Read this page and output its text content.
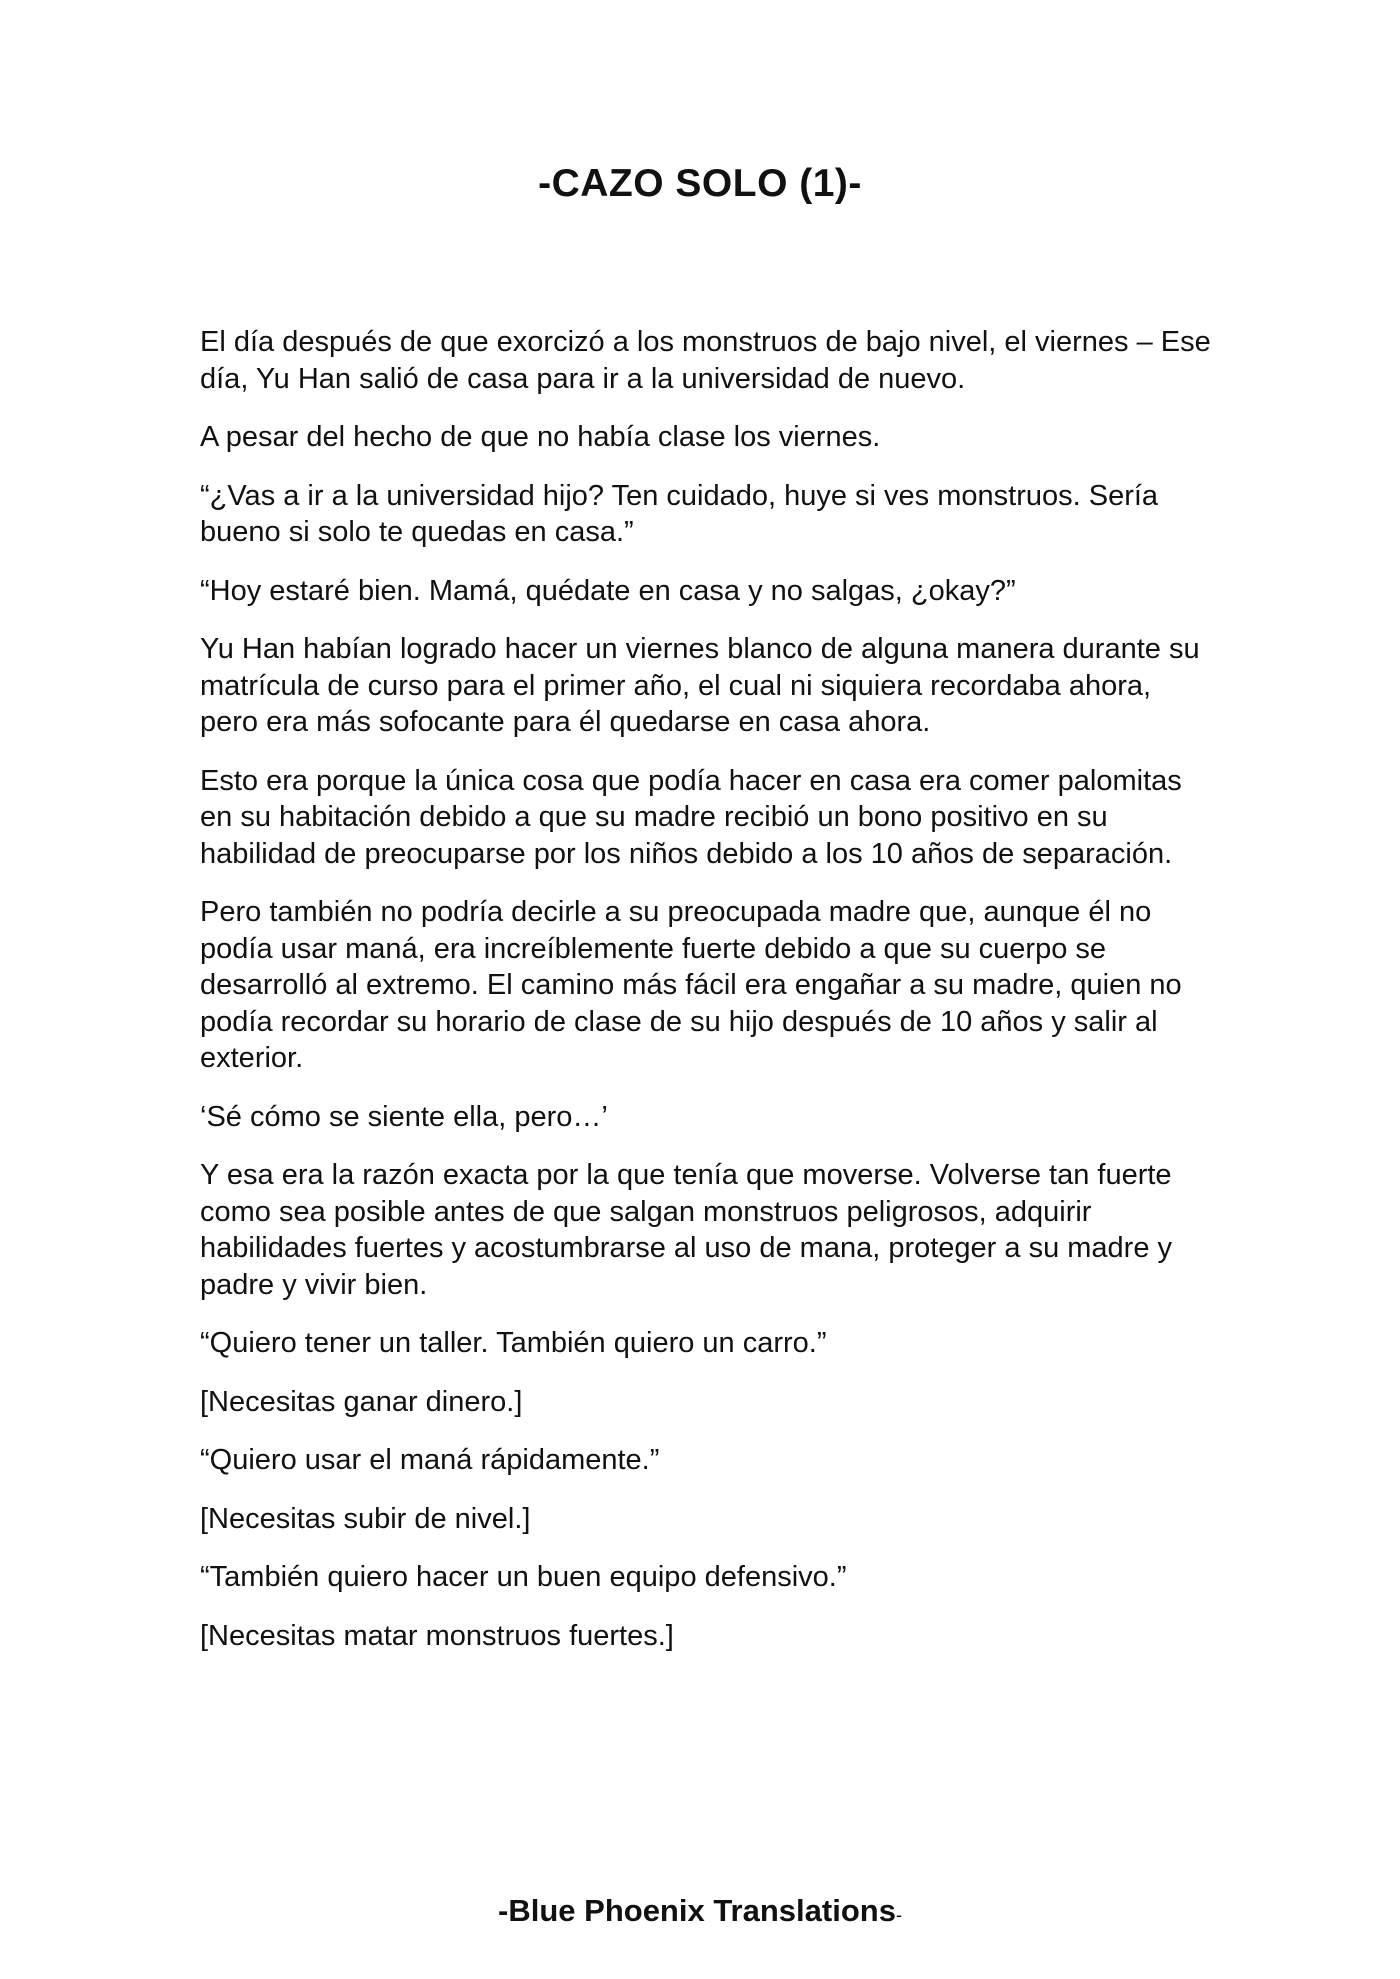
-CAZO SOLO (1)-

El día después de que exorcizó a los monstruos de bajo nivel, el viernes – Ese día, Yu Han salió de casa para ir a la universidad de nuevo.

A pesar del hecho de que no había clase los viernes.

“¿Vas a ir a la universidad hijo? Ten cuidado, huye si ves monstruos. Sería bueno si solo te quedas en casa.”

“Hoy estaré bien. Mamá, quédate en casa y no salgas, ¿okay?”

Yu Han habían logrado hacer un viernes blanco de alguna manera durante su matrícula de curso para el primer año, el cual ni siquiera recordaba ahora, pero era más sofocante para él quedarse en casa ahora.

Esto era porque la única cosa que podía hacer en casa era comer palomitas en su habitación debido a que su madre recibió un bono positivo en su habilidad de preocuparse por los niños debido a los 10 años de separación.

Pero también no podría decirle a su preocupada madre que, aunque él no podía usar maná, era increíblemente fuerte debido a que su cuerpo se desarrolló al extremo. El camino más fácil era engañar a su madre, quien no podía recordar su horario de clase de su hijo después de 10 años y salir al exterior.

‘Sé cómo se siente ella, pero…’

Y esa era la razón exacta por la que tenía que moverse. Volverse tan fuerte como sea posible antes de que salgan monstruos peligrosos, adquirir habilidades fuertes y acostumbrarse al uso de mana, proteger a su madre y padre y vivir bien.

“Quiero tener un taller. También quiero un carro.”

[Necesitas ganar dinero.]

“Quiero usar el maná rápidamente.”

[Necesitas subir de nivel.]

“También quiero hacer un buen equipo defensivo.”

[Necesitas matar monstruos fuertes.]

-Blue Phoenix Translations-
